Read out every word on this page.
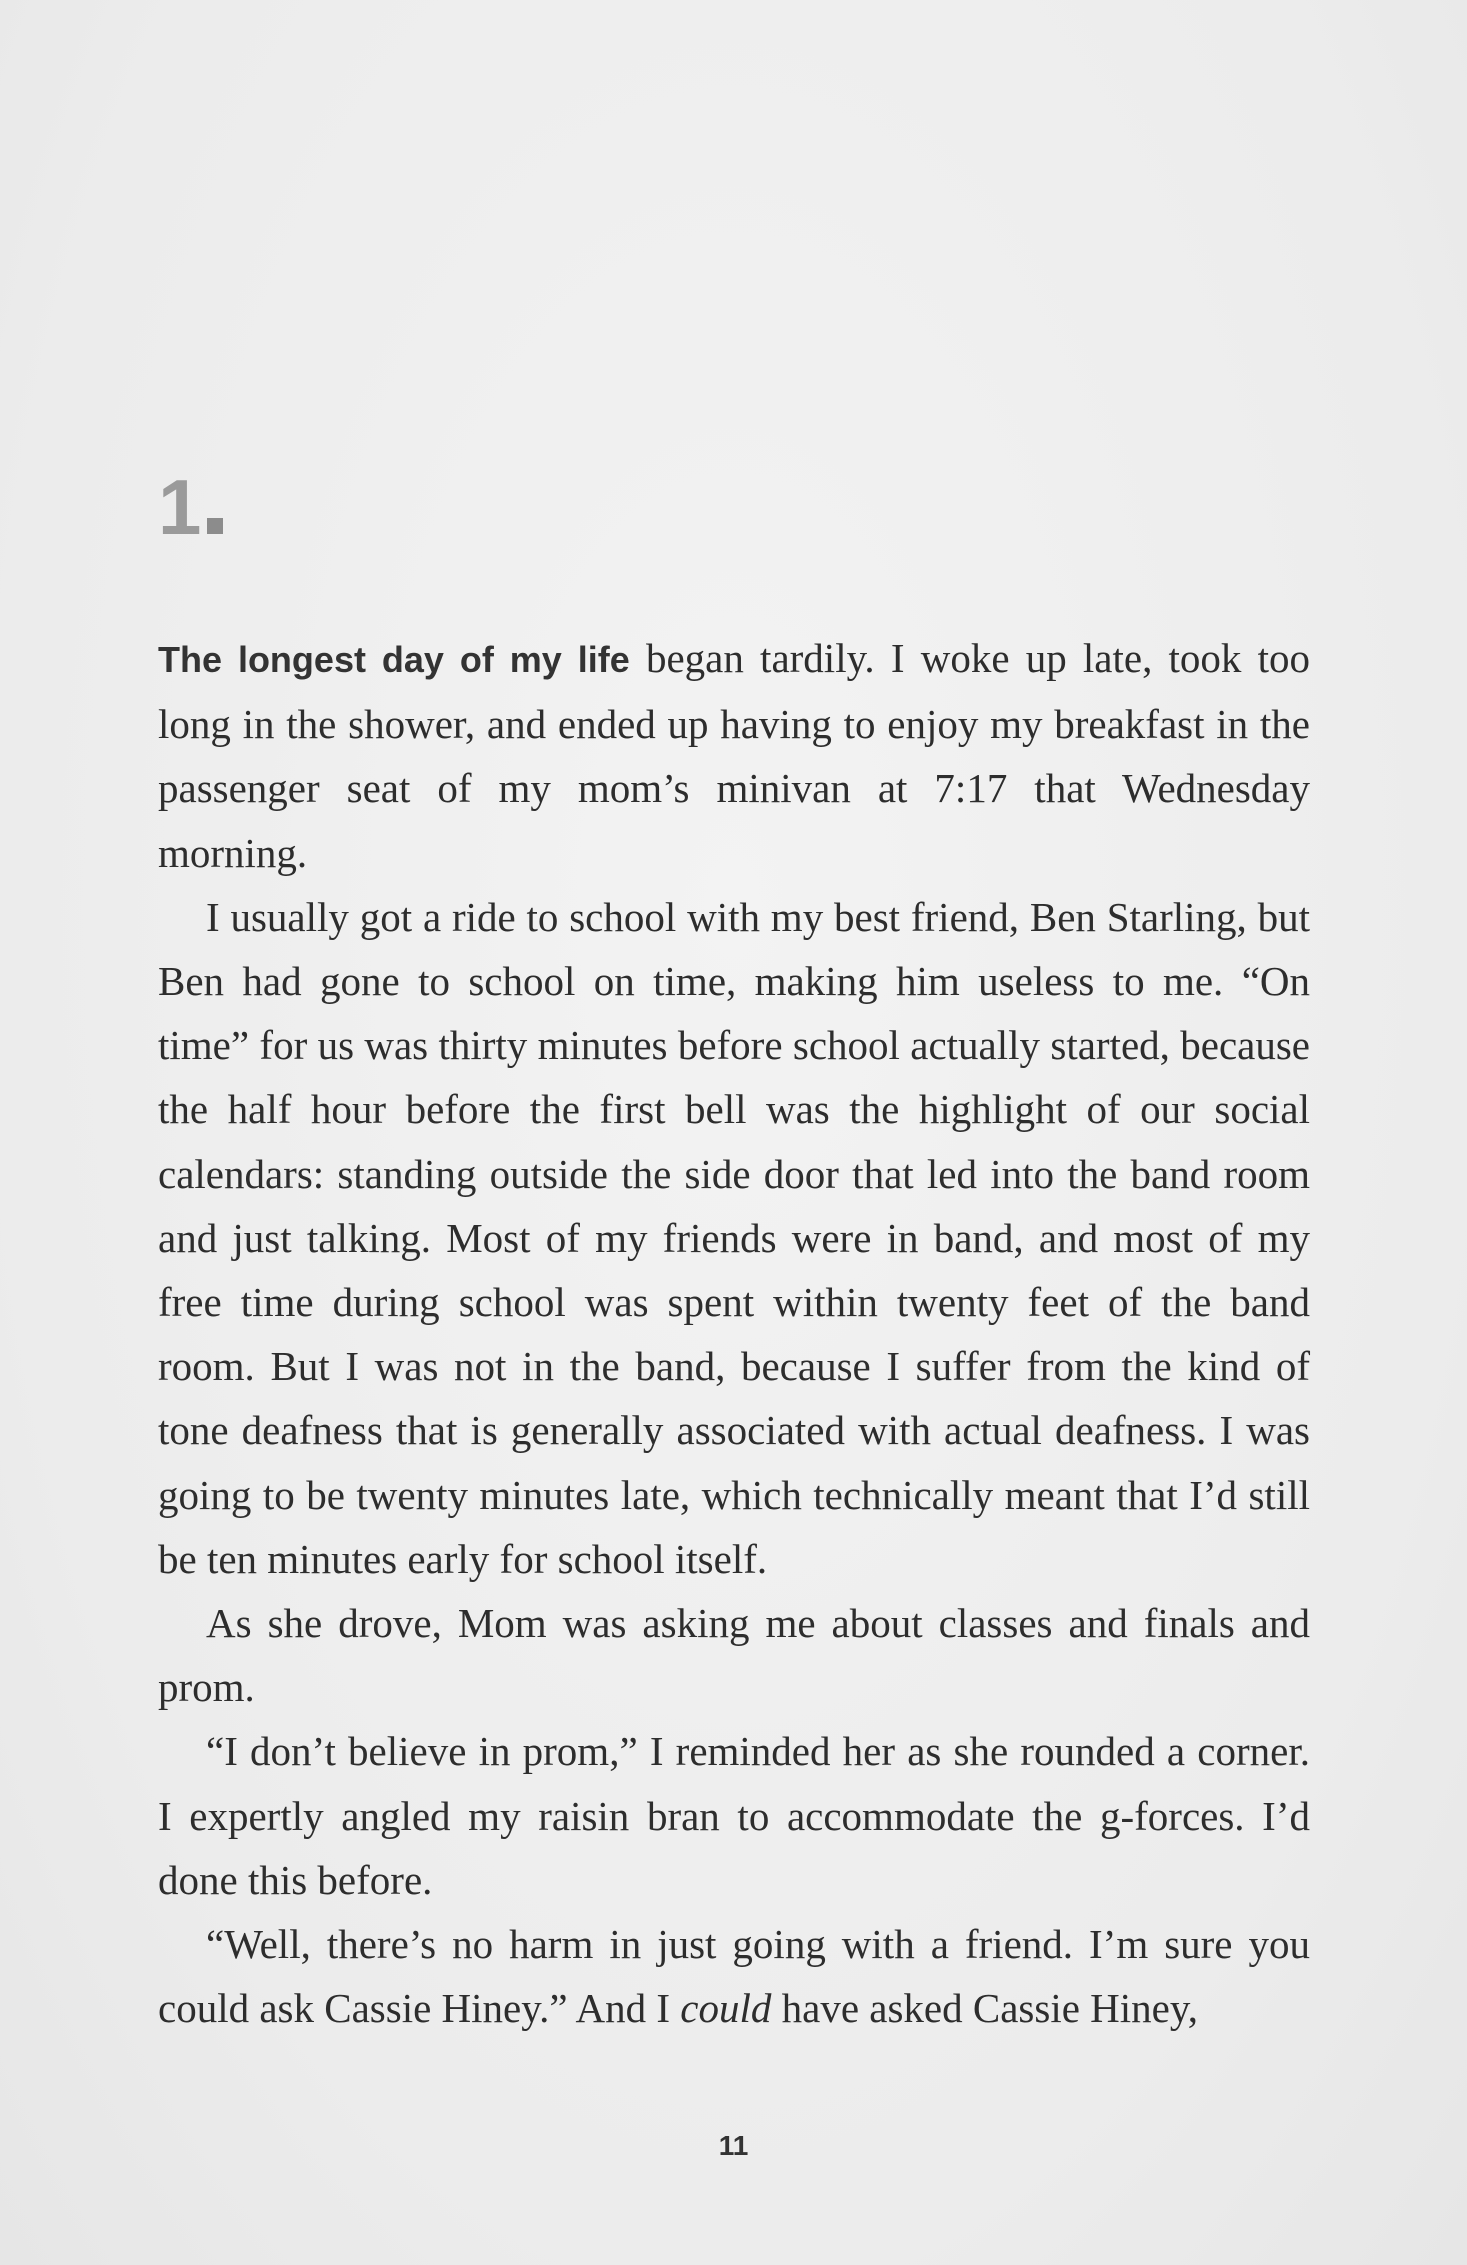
1

The longest day of my life began tardily. I woke up late, took too long in the shower, and ended up having to enjoy my breakfast in the passenger seat of my mom’s minivan at 7:17 that Wednesday morning.

I usually got a ride to school with my best friend, Ben Starling, but Ben had gone to school on time, making him useless to me. “On time” for us was thirty minutes before school actually started, because the half hour before the first bell was the highlight of our social calendars: standing outside the side door that led into the band room and just talking. Most of my friends were in band, and most of my free time during school was spent within twenty feet of the band room. But I was not in the band, because I suffer from the kind of tone deafness that is generally associated with actual deafness. I was going to be twenty minutes late, which technically meant that I’d still be ten minutes early for school itself.

As she drove, Mom was asking me about classes and finals and prom.

“I don’t believe in prom,” I reminded her as she rounded a corner. I expertly angled my raisin bran to accommodate the g-forces. I’d done this before.

“Well, there’s no harm in just going with a friend. I’m sure you could ask Cassie Hiney.” And I could have asked Cassie Hiney,

11
